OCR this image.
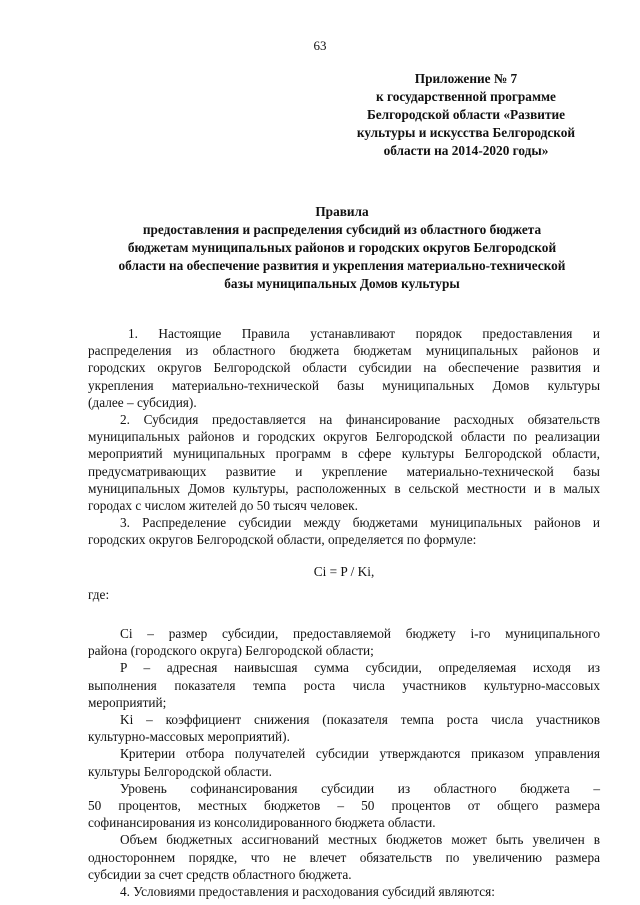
63
Приложение № 7
к государственной программе
Белгородской области «Развитие
культуры и искусства Белгородской
области на 2014-2020 годы»
Правила
предоставления и распределения субсидий из областного бюджета
бюджетам муниципальных районов и городских округов Белгородской
области на обеспечение развития и укрепления материально-технической
базы муниципальных Домов культуры

1. Настоящие Правила устанавливают порядок предоставления и

распределения из областного бюджета бюджетам муниципальных районов и

городских округов Белгородской области субсидии на обеспечение развития и

укрепления материально-технической базы муниципальных Домов культуры

(далее – субсидия).

2. Субсидия предоставляется на финансирование расходных обязательств

муниципальных районов и городских округов Белгородской области по реализации

мероприятий муниципальных программ в сфере культуры Белгородской области,

предусматривающих развитие и укрепление материально-технической базы

муниципальных Домов культуры, расположенных в сельской местности и в малых

городах с числом жителей до 50 тысяч человек.

3. Распределение субсидии между бюджетами муниципальных районов и

городских округов Белгородской области, определяется по формуле:

Ci = P / Ki,

где:

Ci – размер субсидии, предоставляемой бюджету i-го муниципального

района (городского округа) Белгородской области;

P – адресная наивысшая сумма субсидии, определяемая исходя из

выполнения показателя темпа роста числа участников культурно-массовых

мероприятий;

Ki – коэффициент снижения (показателя темпа роста числа участников

культурно-массовых мероприятий).

Критерии отбора получателей субсидии утверждаются приказом управления

культуры Белгородской области.

Уровень софинансирования субсидии из областного бюджета –

50 процентов, местных бюджетов – 50 процентов от общего размера

софинансирования из консолидированного бюджета области.

Объем бюджетных ассигнований местных бюджетов может быть увеличен в

одностороннем порядке, что не влечет обязательств по увеличению размера

субсидии за счет средств областного бюджета.

4. Условиями предоставления и расходования субсидий являются:
